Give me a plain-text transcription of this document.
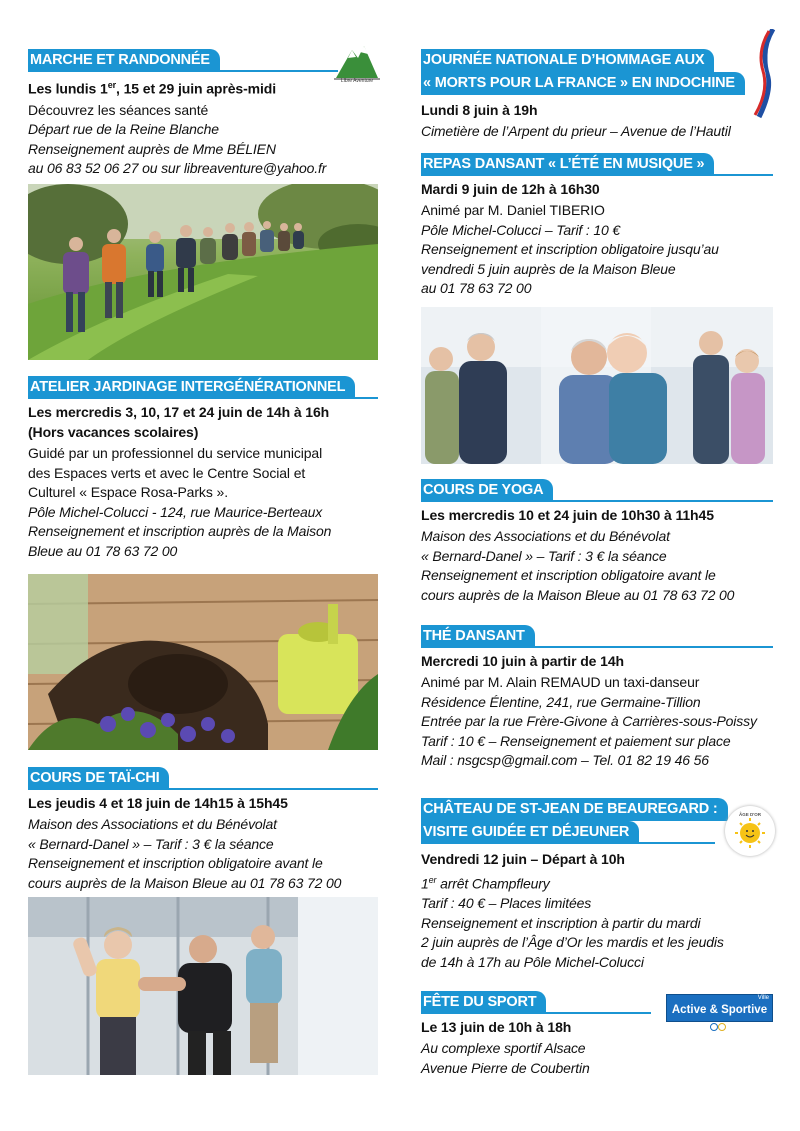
MARCHE ET RANDONNÉE
Les lundis 1er, 15 et 29 juin après-midi
Découvrez les séances santé
Départ rue de la Reine Blanche
Renseignement auprès de Mme BÉLIEN
au 06 83 52 06 27 ou sur libreaventure@yahoo.fr
Libre Aventure
ATELIER JARDINAGE INTERGÉNÉRATIONNEL
Les mercredis 3, 10, 17 et 24 juin de 14h à 16h
(Hors vacances scolaires)
Guidé par un professionnel du service municipal
des Espaces verts et avec le Centre Social et
Culturel « Espace Rosa-Parks ».
Pôle Michel-Colucci - 124, rue Maurice-Berteaux
Renseignement et inscription auprès de la Maison
Bleue au 01 78 63 72 00
COURS DE TAÏ-CHI
Les jeudis 4 et 18 juin de 14h15 à 15h45
Maison des Associations et du Bénévolat
« Bernard-Danel » – Tarif : 3 € la séance
Renseignement et inscription obligatoire avant le
cours auprès de la Maison Bleue au 01 78 63 72 00
JOURNÉE NATIONALE D’HOMMAGE AUX
« MORTS POUR LA FRANCE » EN INDOCHINE
Lundi 8 juin à 19h
Cimetière de l’Arpent du prieur – Avenue de l’Hautil
REPAS DANSANT « L’ÉTÉ EN MUSIQUE »
Mardi 9 juin de 12h à 16h30
Animé par M. Daniel TIBERIO
Pôle Michel-Colucci – Tarif : 10 €
Renseignement et inscription obligatoire jusqu’au
vendredi 5 juin auprès de la Maison Bleue
au 01 78 63 72 00
COURS DE YOGA
Les mercredis 10 et 24 juin de 10h30 à 11h45
Maison des Associations et du Bénévolat
« Bernard-Danel » – Tarif : 3 € la séance
Renseignement et inscription obligatoire avant le
cours auprès de la Maison Bleue au 01 78 63 72 00
THÉ DANSANT
Mercredi 10 juin à partir de 14h
Animé par M. Alain REMAUD un taxi-danseur
Résidence Élentine, 241, rue Germaine-Tillion
Entrée par la rue Frère-Givone à Carrières-sous-Poissy
Tarif : 10 € – Renseignement et paiement sur place
Mail : nsgcsp@gmail.com – Tel. 01 82 19 46 56
CHÂTEAU DE ST-JEAN DE BEAUREGARD :
VISITE GUIDÉE ET DÉJEUNER
Vendredi 12 juin – Départ à 10h
1er arrêt Champfleury
Tarif : 40 € – Places limitées
Renseignement et inscription à partir du mardi
2 juin auprès de l’Âge d’Or les mardis et les jeudis
de 14h à 17h au Pôle Michel-Colucci
ÂGE D'OR
FÊTE DU SPORT
Le 13 juin de 10h à 18h
Au complexe sportif Alsace
Avenue Pierre de Coubertin
Ville
Active & Sportive
